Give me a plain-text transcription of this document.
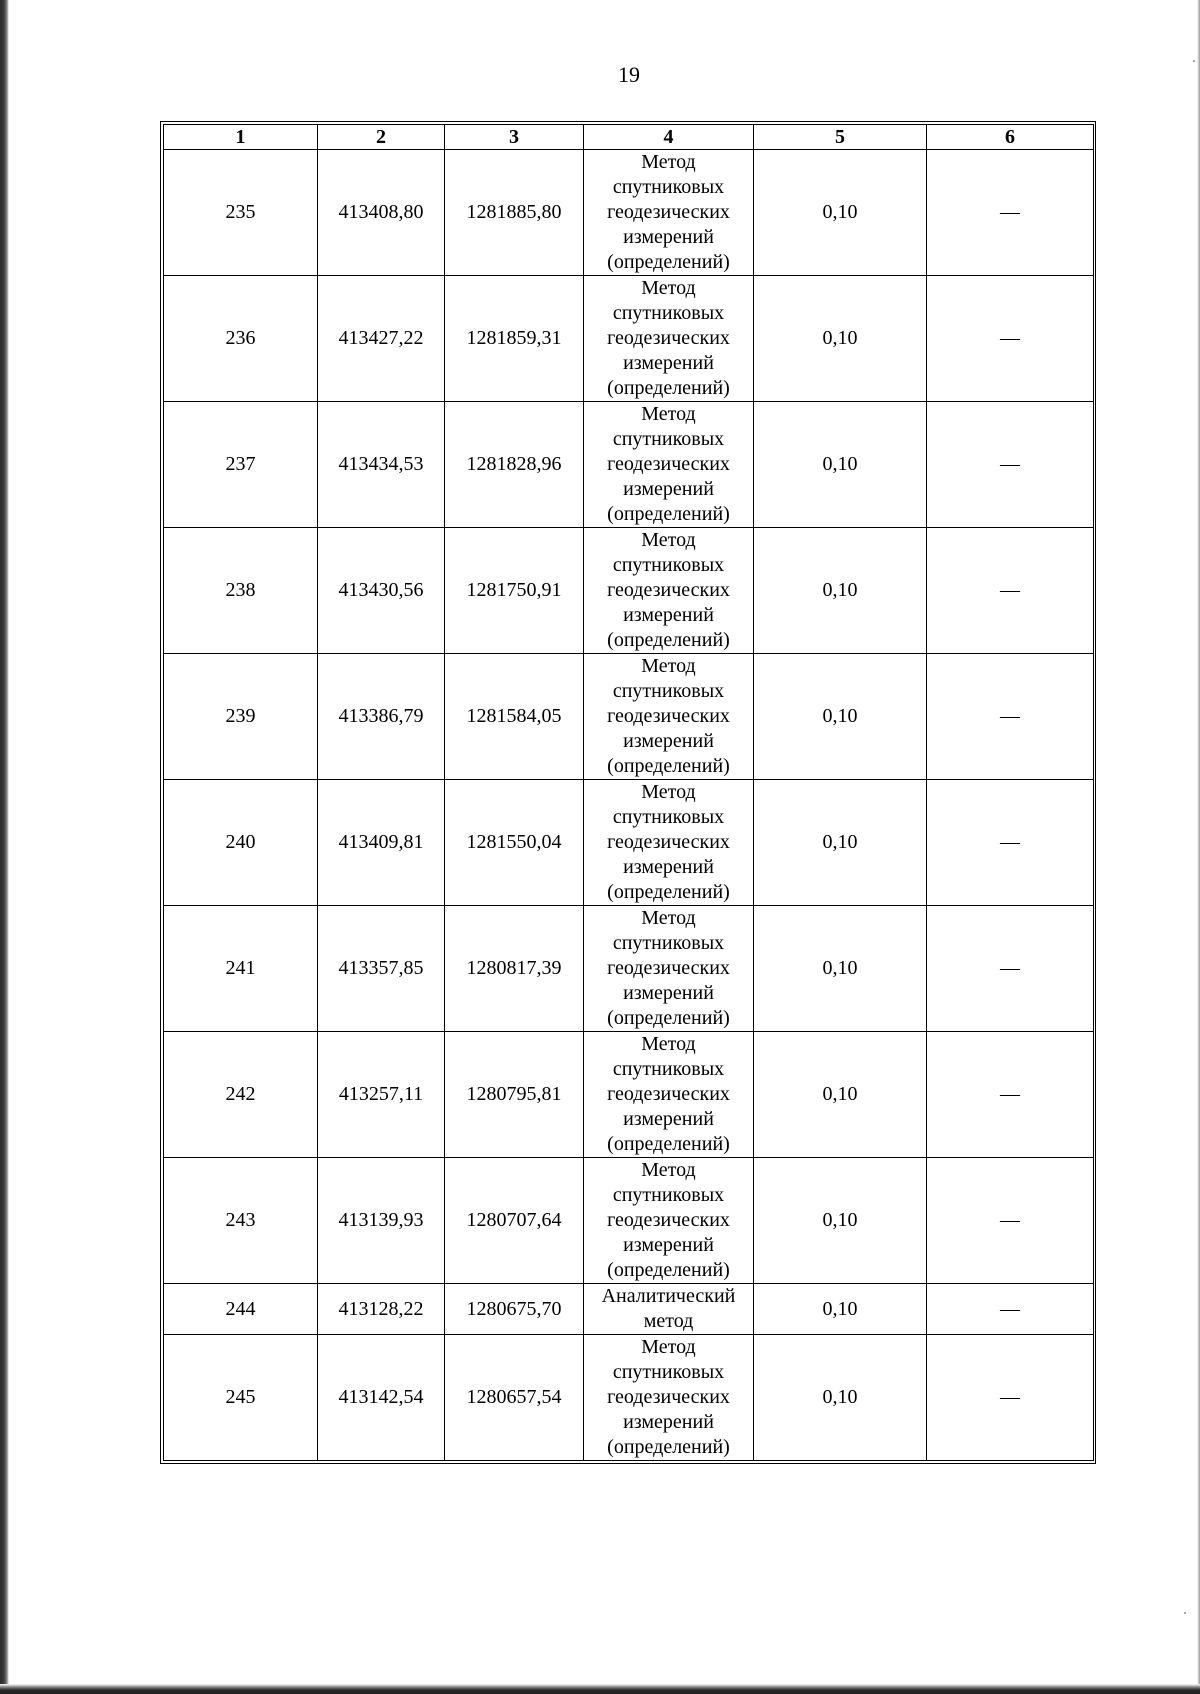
19
1	2	3	4	5	6
235	413408,80	1281885,80	Метод
спутниковых
геодезических
измерений
(определений)	0,10	—
236	413427,22	1281859,31	Метод
спутниковых
геодезических
измерений
(определений)	0,10	—
237	413434,53	1281828,96	Метод
спутниковых
геодезических
измерений
(определений)	0,10	—
238	413430,56	1281750,91	Метод
спутниковых
геодезических
измерений
(определений)	0,10	—
239	413386,79	1281584,05	Метод
спутниковых
геодезических
измерений
(определений)	0,10	—
240	413409,81	1281550,04	Метод
спутниковых
геодезических
измерений
(определений)	0,10	—
241	413357,85	1280817,39	Метод
спутниковых
геодезических
измерений
(определений)	0,10	—
242	413257,11	1280795,81	Метод
спутниковых
геодезических
измерений
(определений)	0,10	—
243	413139,93	1280707,64	Метод
спутниковых
геодезических
измерений
(определений)	0,10	—
244	413128,22	1280675,70	Аналитический
метод	0,10	—
245	413142,54	1280657,54	Метод
спутниковых
геодезических
измерений
(определений)	0,10	—
